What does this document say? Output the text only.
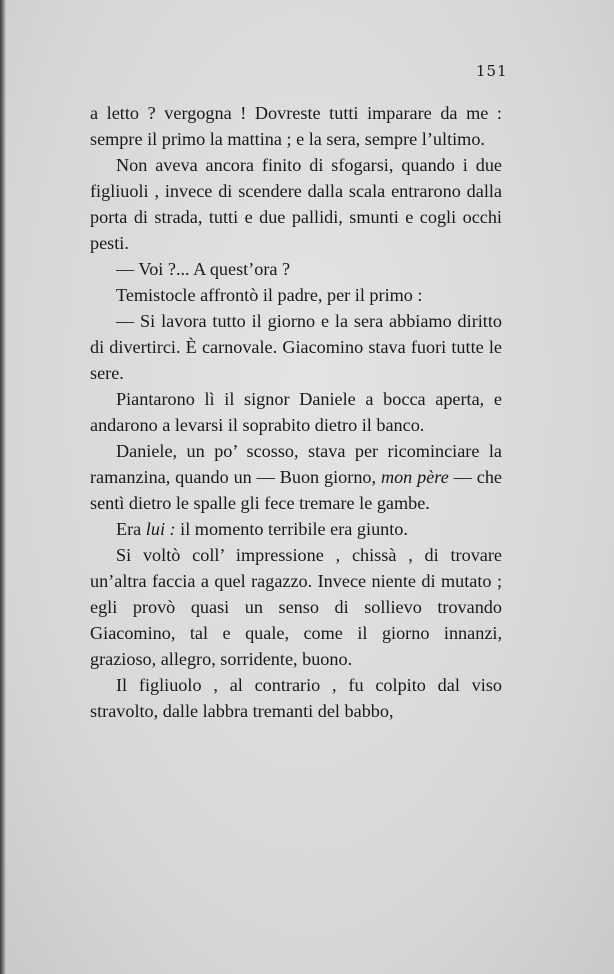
151

a letto ? vergogna ! Dovreste tutti imparare da me : sempre il primo la mattina ; e la sera, sempre l’ultimo.

Non aveva ancora finito di sfogarsi, quando i due figliuoli , invece di scendere dalla scala entrarono dalla porta di strada, tutti e due pallidi, smunti e cogli occhi pesti.

— Voi ?... A quest’ora ?

Temistocle affrontò il padre, per il primo :

— Si lavora tutto il giorno e la sera abbiamo diritto di divertirci. È carnovale. Giacomino stava fuori tutte le sere.

Piantarono lì il signor Daniele a bocca aperta, e andarono a levarsi il soprabito dietro il banco.

Daniele, un po’ scosso, stava per ricominciare la ramanzina, quando un — Buon giorno, mon père — che sentì dietro le spalle gli fece tremare le gambe.

Era lui : il momento terribile era giunto.

Si voltò coll’ impressione , chissà , di trovare un’altra faccia a quel ragazzo. Invece niente di mutato ; egli provò quasi un senso di sollievo trovando Giacomino, tal e quale, come il giorno innanzi, grazioso, allegro, sorridente, buono.

Il figliuolo , al contrario , fu colpito dal viso stravolto, dalle labbra tremanti del babbo,
